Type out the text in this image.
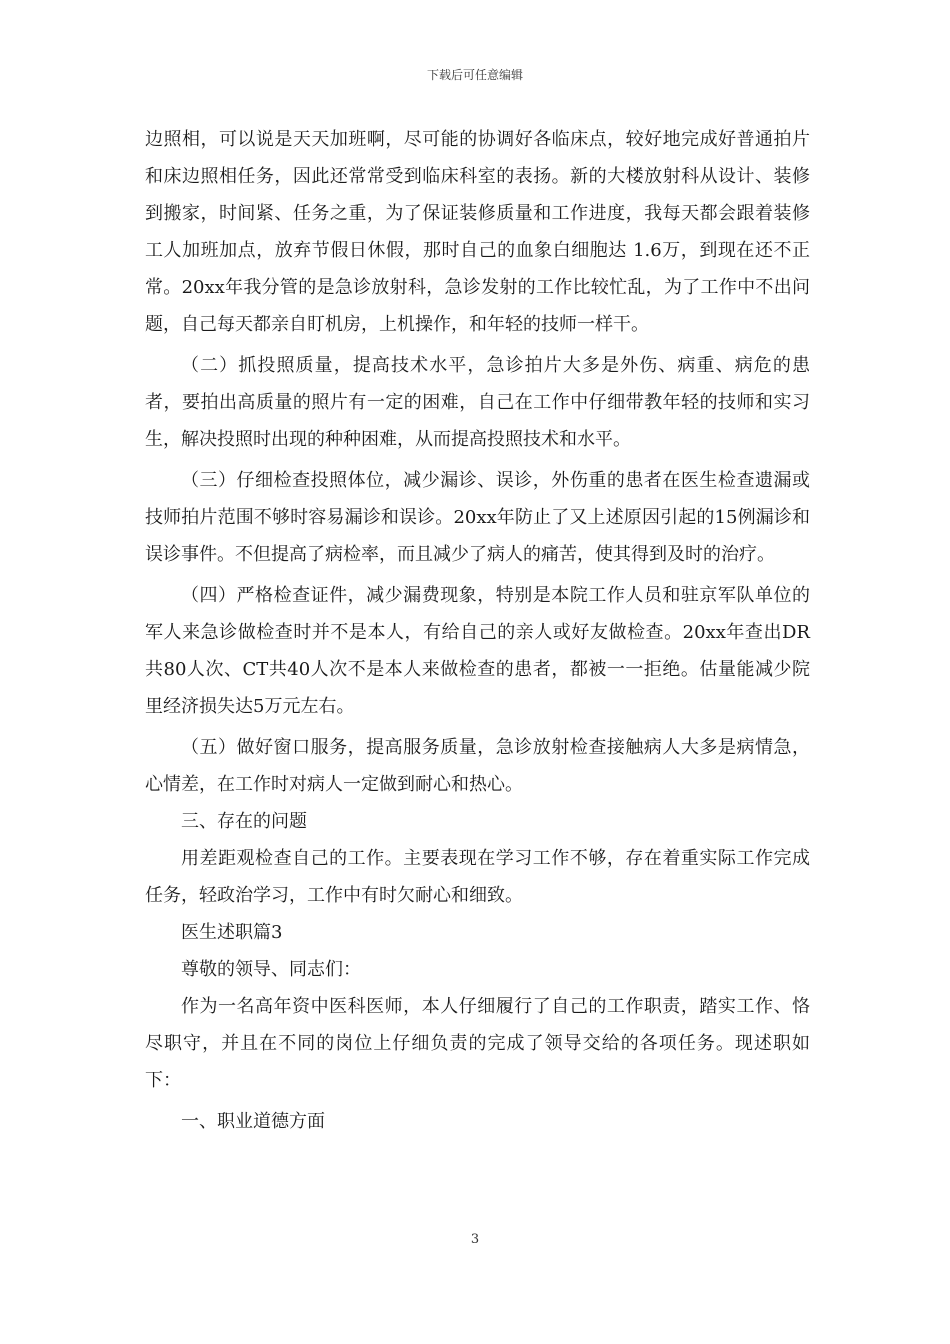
下载后可任意编辑

边照相，可以说是天天加班啊，尽可能的协调好各临床点，较好地完成好普通拍片和床边照相任务，因此还常常受到临床科室的表扬。新的大楼放射科从设计、装修到搬家，时间紧、任务之重，为了保证装修质量和工作进度，我每天都会跟着装修工人加班加点，放弃节假日休假，那时自己的血象白细胞达 1.6万，到现在还不正常。20xx年我分管的是急诊放射科，急诊发射的工作比较忙乱，为了工作中不出问题，自己每天都亲自盯机房，上机操作，和年轻的技师一样干。

（二）抓投照质量，提高技术水平，急诊拍片大多是外伤、病重、病危的患者，要拍出高质量的照片有一定的困难，自己在工作中仔细带教年轻的技师和实习生，解决投照时出现的种种困难，从而提高投照技术和水平。

（三）仔细检查投照体位，减少漏诊、误诊，外伤重的患者在医生检查遗漏或技师拍片范围不够时容易漏诊和误诊。20xx年防止了又上述原因引起的15例漏诊和误诊事件。不但提高了病检率，而且减少了病人的痛苦，使其得到及时的治疗。

（四）严格检查证件，减少漏费现象，特别是本院工作人员和驻京军队单位的军人来急诊做检查时并不是本人，有给自己的亲人或好友做检查。20xx年查出DR共80人次、CT共40人次不是本人来做检查的患者，都被一一拒绝。估量能减少院里经济损失达5万元左右。

（五）做好窗口服务，提高服务质量，急诊放射检查接触病人大多是病情急，心情差，在工作时对病人一定做到耐心和热心。

三、存在的问题

用差距观检查自己的工作。主要表现在学习工作不够，存在着重实际工作完成任务，轻政治学习，工作中有时欠耐心和细致。

医生述职篇3

尊敬的领导、同志们：

作为一名高年资中医科医师，本人仔细履行了自己的工作职责，踏实工作、恪尽职守，并且在不同的岗位上仔细负责的完成了领导交给的各项任务。现述职如下：

一、职业道德方面

3
